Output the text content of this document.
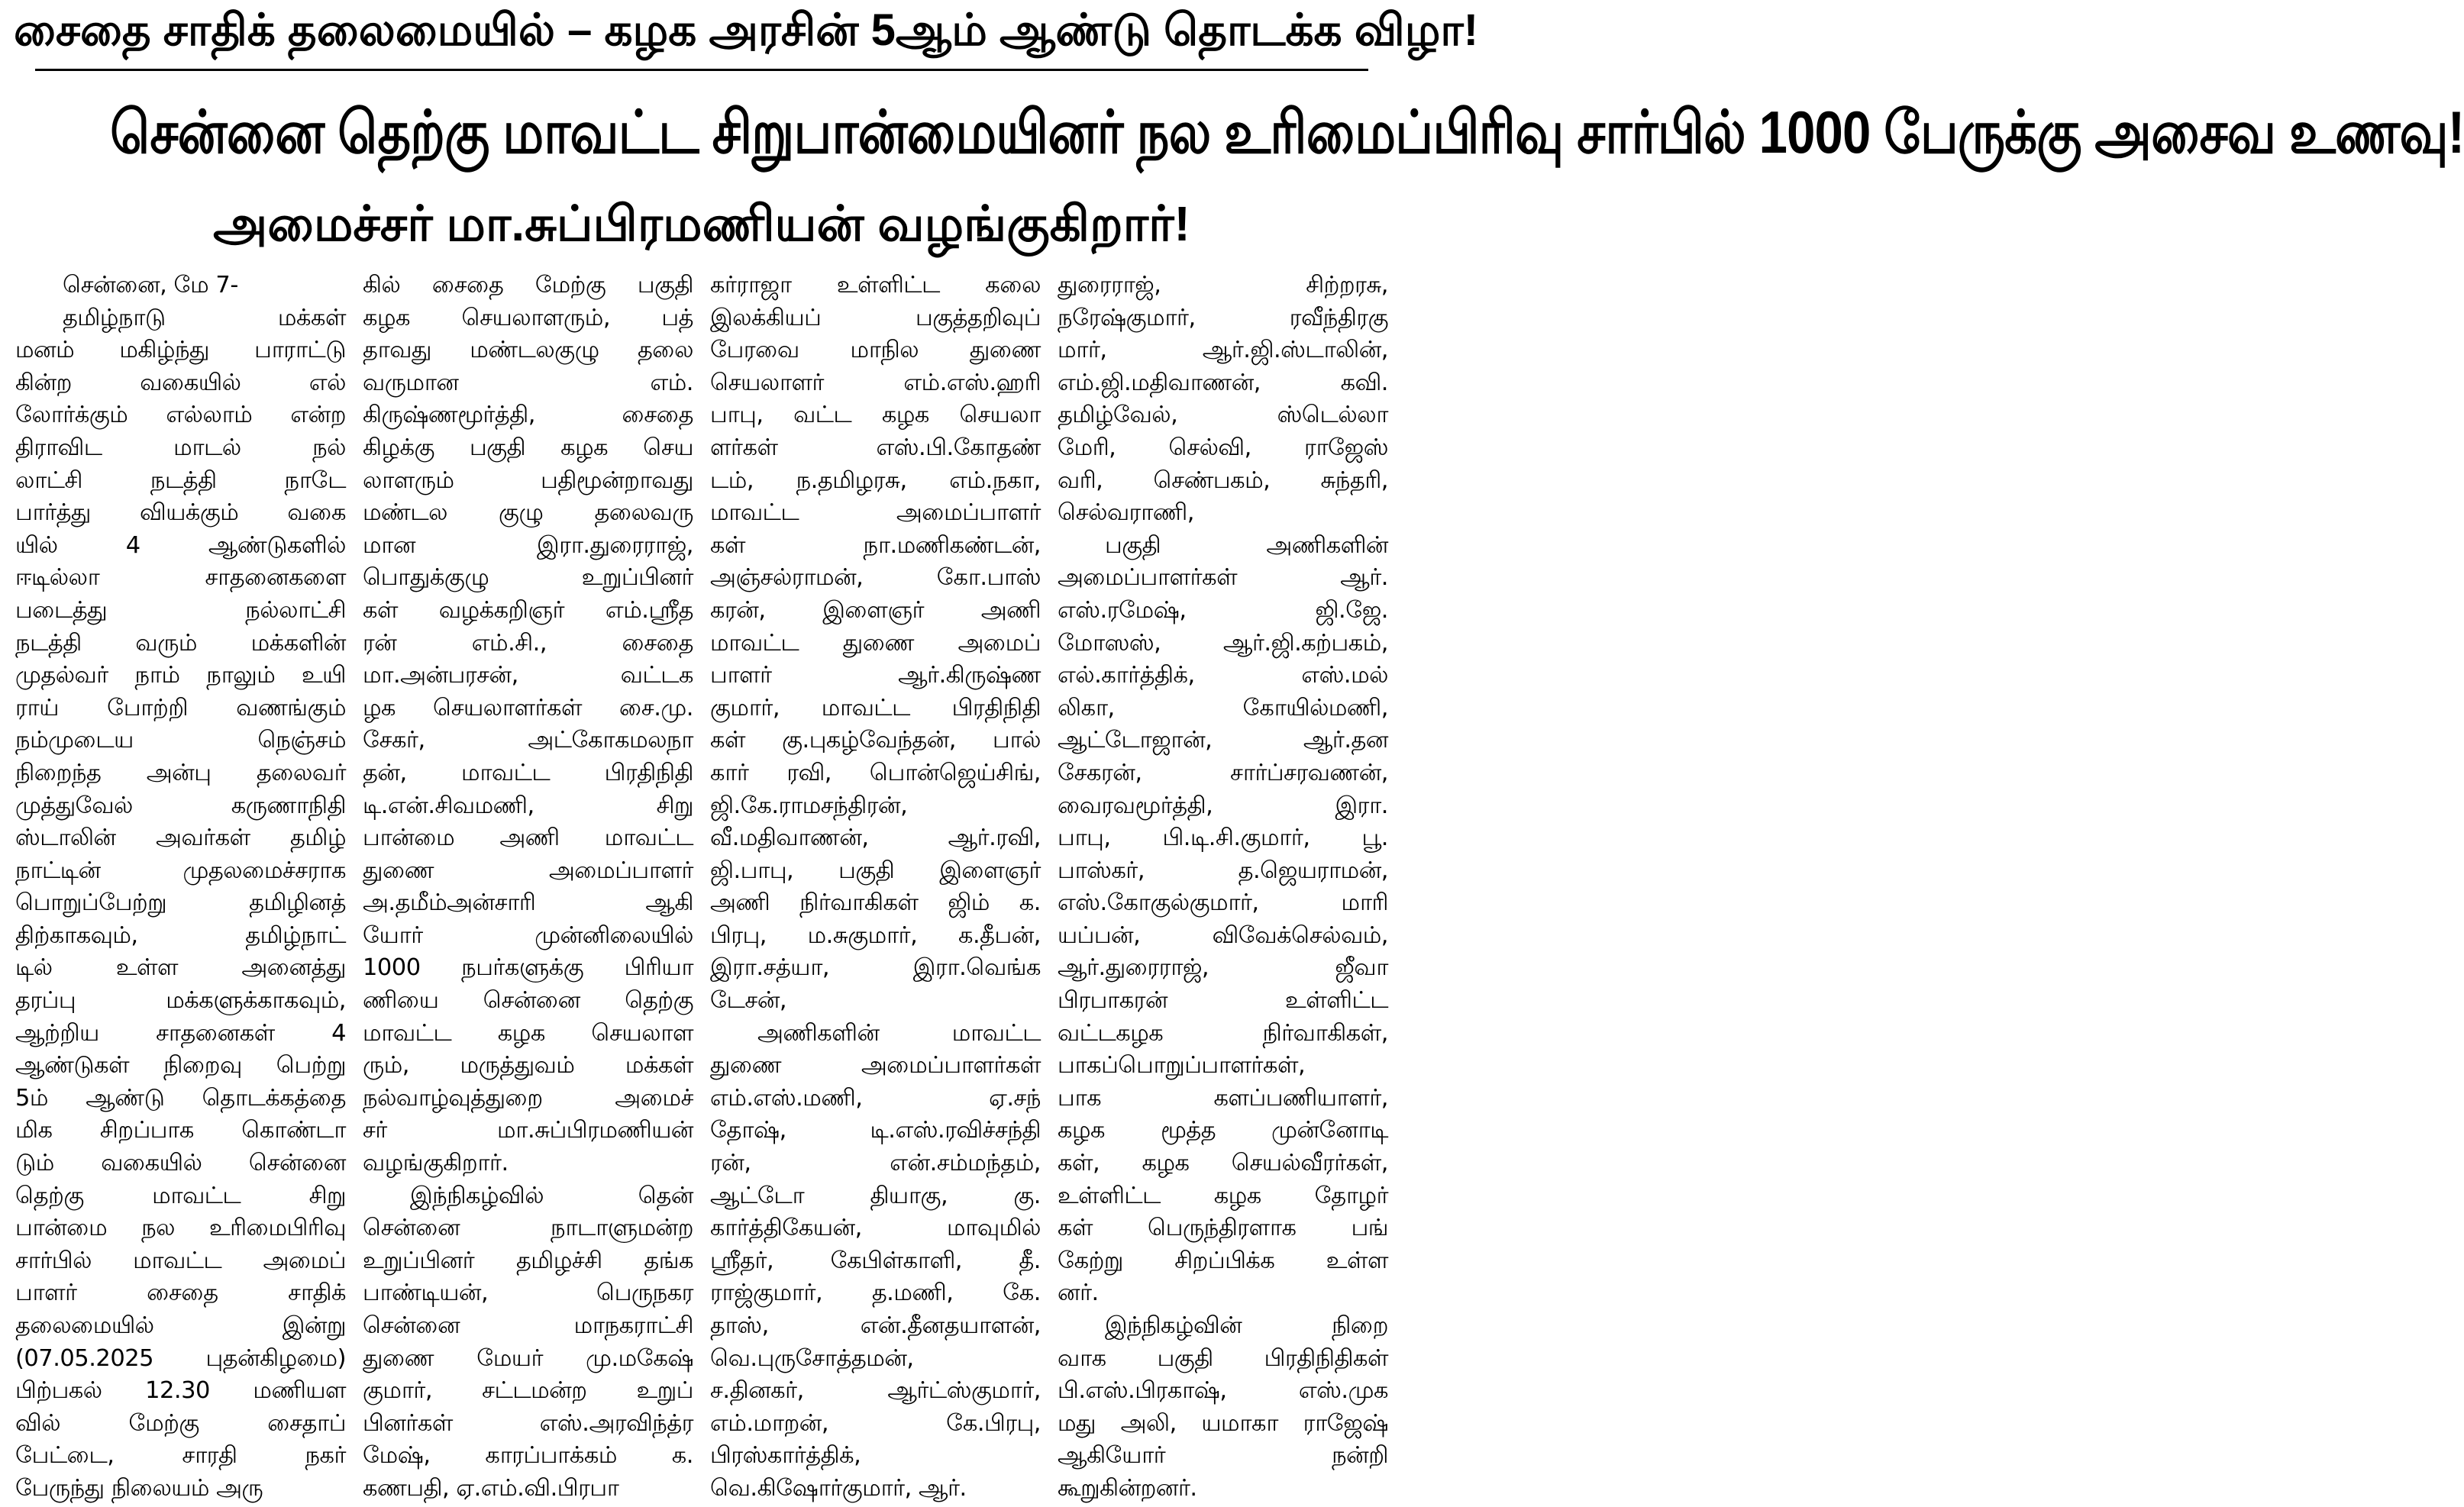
சைதை சாதிக் தலைமையில் – கழக அரசின் 5ஆம் ஆண்டு தொடக்க விழா!
சென்னை தெற்கு மாவட்ட சிறுபான்மையினர் நல உரிமைப்பிரிவு சார்பில் 1000 பேருக்கு அசைவ உணவு!
அமைச்சர் மா.சுப்பிரமணியன் வழங்குகிறார்!

சென்னை, மே 7-

தமிழ்நாடு மக்கள்

மனம் மகிழ்ந்து பாராட்டு

கின்ற வகையில் எல்

லோர்க்கும் எல்லாம் என்ற

திராவிட மாடல் நல்

லாட்சி நடத்தி நாடே

பார்த்து வியக்கும் வகை

யில் 4 ஆண்டுகளில்

ஈடில்லா சாதனைகளை

படைத்து நல்லாட்சி

நடத்தி வரும் மக்களின்

முதல்வர் நாம் நாலும் உயி

ராய் போற்றி வணங்கும்

நம்முடைய நெஞ்சம்

நிறைந்த அன்பு தலைவர்

முத்துவேல் கருணாநிதி

ஸ்டாலின் அவர்கள் தமிழ்

நாட்டின் முதலமைச்சராக

பொறுப்பேற்று தமிழினத்

திற்காகவும், தமிழ்நாட்

டில் உள்ள அனைத்து

தரப்பு மக்களுக்காகவும்,

ஆற்றிய சாதனைகள் 4

ஆண்டுகள் நிறைவு பெற்று

5ம் ஆண்டு தொடக்கத்தை

மிக சிறப்பாக கொண்டா

டும் வகையில் சென்னை

தெற்கு மாவட்ட சிறு

பான்மை நல உரிமைபிரிவு

சார்பில் மாவட்ட அமைப்

பாளர் சைதை சாதிக்

தலைமையில் இன்று

(07.05.2025 புதன்கிழமை)

பிற்பகல் 12.30 மணியள

வில் மேற்கு சைதாப்

பேட்டை, சாரதி நகர்

பேருந்து நிலையம் அரு

கில் சைதை மேற்கு பகுதி

கழக செயலாளரும், பத்

தாவது மண்டலகுழு தலை

வருமான எம்.

கிருஷ்ணமூர்த்தி, சைதை

கிழக்கு பகுதி கழக செய

லாளரும் பதிமூன்றாவது

மண்டல குழு தலைவரு

மான இரா.துரைராஜ்,

பொதுக்குழு உறுப்பினர்

கள் வழக்கறிஞர் எம்.ஸ்ரீத

ரன் எம்.சி., சைதை

மா.அன்பரசன், வட்டக

ழக செயலாளர்கள் சை.மு.

சேகர், அட்கோகமலநா

தன், மாவட்ட பிரதிநிதி

டி.என்.சிவமணி, சிறு

பான்மை அணி மாவட்ட

துணை அமைப்பாளர்

அ.தமீம்அன்சாரி ஆகி

யோர் முன்னிலையில்

1000 நபர்களுக்கு பிரியா

ணியை சென்னை தெற்கு

மாவட்ட கழக செயலாள

ரும், மருத்துவம் மக்கள்

நல்வாழ்வுத்துறை அமைச்

சர் மா.சுப்பிரமணியன்

வழங்குகிறார்.

இந்நிகழ்வில் தென்

சென்னை நாடாளுமன்ற

உறுப்பினர் தமிழச்சி தங்க

பாண்டியன், பெருநகர

சென்னை மாநகராட்சி

துணை மேயர் மு.மகேஷ்

குமார், சட்டமன்ற உறுப்

பினர்கள் எஸ்.அரவிந்த்ர

மேஷ், காரப்பாக்கம் க.

கணபதி, ஏ.எம்.வி.பிரபா

கர்ராஜா உள்ளிட்ட கலை

இலக்கியப் பகுத்தறிவுப்

பேரவை மாநில துணை

செயலாளர் எம்.எஸ்.ஹரி

பாபு, வட்ட கழக செயலா

ளர்கள் எஸ்.பி.கோதண்

டம், ந.தமிழரசு, எம்.நகா,

மாவட்ட அமைப்பாளர்

கள் நா.மணிகண்டன்,

அஞ்சல்ராமன், கோ.பாஸ்

கரன், இளைஞர் அணி

மாவட்ட துணை அமைப்

பாளர் ஆர்.கிருஷ்ண

குமார், மாவட்ட பிரதிநிதி

கள் கு.புகழ்வேந்தன், பால்

கார் ரவி, பொன்ஜெய்சிங்,

ஜி.கே.ராமசந்திரன்,

வீ.மதிவாணன், ஆர்.ரவி,

ஜி.பாபு, பகுதி இளைஞர்

அணி நிர்வாகிகள் ஜிம் க.

பிரபு, ம.சுகுமார், க.தீபன்,

இரா.சத்யா, இரா.வெங்க

டேசன்,

அணிகளின் மாவட்ட

துணை அமைப்பாளர்கள்

எம்.எஸ்.மணி, ஏ.சந்

தோஷ், டி.எஸ்.ரவிச்சந்தி

ரன், என்.சம்மந்தம்,

ஆட்டோ தியாகு, கு.

கார்த்திகேயன், மாவுமில்

ஸ்ரீதர், கேபிள்காளி, தீ.

ராஜ்குமார், த.மணி, கே.

தாஸ், என்.தீனதயாளன்,

வெ.புருசோத்தமன்,

ச.தினகர், ஆர்ட்ஸ்குமார்,

எம்.மாறன், கே.பிரபு,

பிரஸ்கார்த்திக்,

வெ.கிஷோர்குமார், ஆர்.

துரைராஜ், சிற்றரசு,

நரேஷ்குமார், ரவீந்திரகு

மார், ஆர்.ஜி.ஸ்டாலின்,

எம்.ஜி.மதிவாணன், கவி.

தமிழ்வேல், ஸ்டெல்லா

மேரி, செல்வி, ராஜேஸ்

வரி, செண்பகம், சுந்தரி,

செல்வராணி,

பகுதி அணிகளின்

அமைப்பாளர்கள் ஆர்.

எஸ்.ரமேஷ், ஜி.ஜே.

மோஸஸ், ஆர்.ஜி.கற்பகம்,

எல்.கார்த்திக், எஸ்.மல்

லிகா, கோயில்மணி,

ஆட்டோஜான், ஆர்.தன

சேகரன், சார்ப்சரவணன்,

வைரவமூர்த்தி, இரா.

பாபு, பி.டி.சி.குமார், பூ.

பாஸ்கர், த.ஜெயராமன்,

எஸ்.கோகுல்குமார், மாரி

யப்பன், விவேக்செல்வம்,

ஆர்.துரைராஜ், ஜீவா

பிரபாகரன் உள்ளிட்ட

வட்டகழக நிர்வாகிகள்,

பாகப்பொறுப்பாளர்கள்,

பாக களப்பணியாளர்,

கழக மூத்த முன்னோடி

கள், கழக செயல்வீரர்கள்,

உள்ளிட்ட கழக தோழர்

கள் பெருந்திரளாக பங்

கேற்று சிறப்பிக்க உள்ள

னர்.

இந்நிகழ்வின் நிறை

வாக பகுதி பிரதிநிதிகள்

பி.எஸ்.பிரகாஷ், எஸ்.முக

மது அலி, யமாகா ராஜேஷ்

ஆகியோர் நன்றி

கூறுகின்றனர்.
